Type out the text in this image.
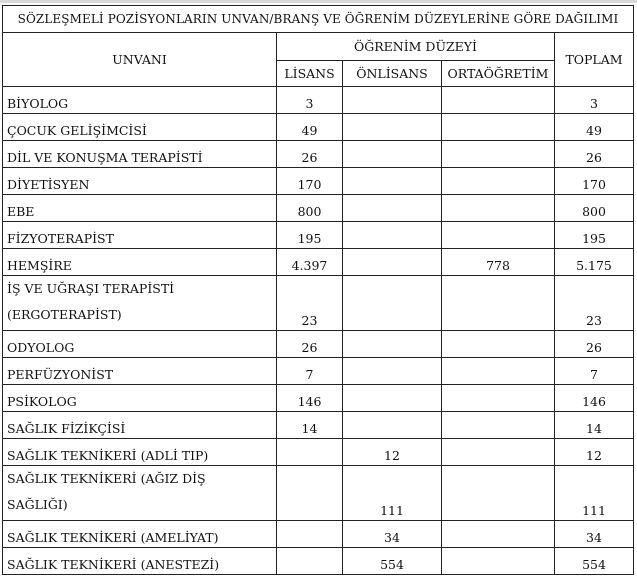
SÖZLEŞMELİ POZİSYONLARIN UNVAN/BRANŞ VE ÖĞRENİM DÜZEYLERİNE GÖRE DAĞILIMI				
UNVANI	ÖĞRENİM DÜZEYİ			TOPLAM
	LİSANS	ÖNLİSANS	ORTAÖĞRETİM	
BİYOLOG	3			3
ÇOCUK GELİŞİMCİSİ	49			49
DİL VE KONUŞMA TERAPİSTİ	26			26
DİYETİSYEN	170			170
EBE	800			800
FİZYOTERAPİST	195			195
HEMŞİRE	4.397		778	5.175
İŞ VE UĞRAŞI TERAPİSTİ
(ERGOTERAPİST)	23			23
ODYOLOG	26			26
PERFÜZYONİST	7			7
PSİKOLOG	146			146
SAĞLIK FİZİKÇİSİ	14			14
SAĞLIK TEKNİKERİ (ADLİ TIP)		12		12
SAĞLIK TEKNİKERİ (AĞIZ DİŞ
SAĞLIĞI)		111		111
SAĞLIK TEKNİKERİ (AMELİYAT)		34		34
SAĞLIK TEKNİKERİ (ANESTEZİ)		554		554
